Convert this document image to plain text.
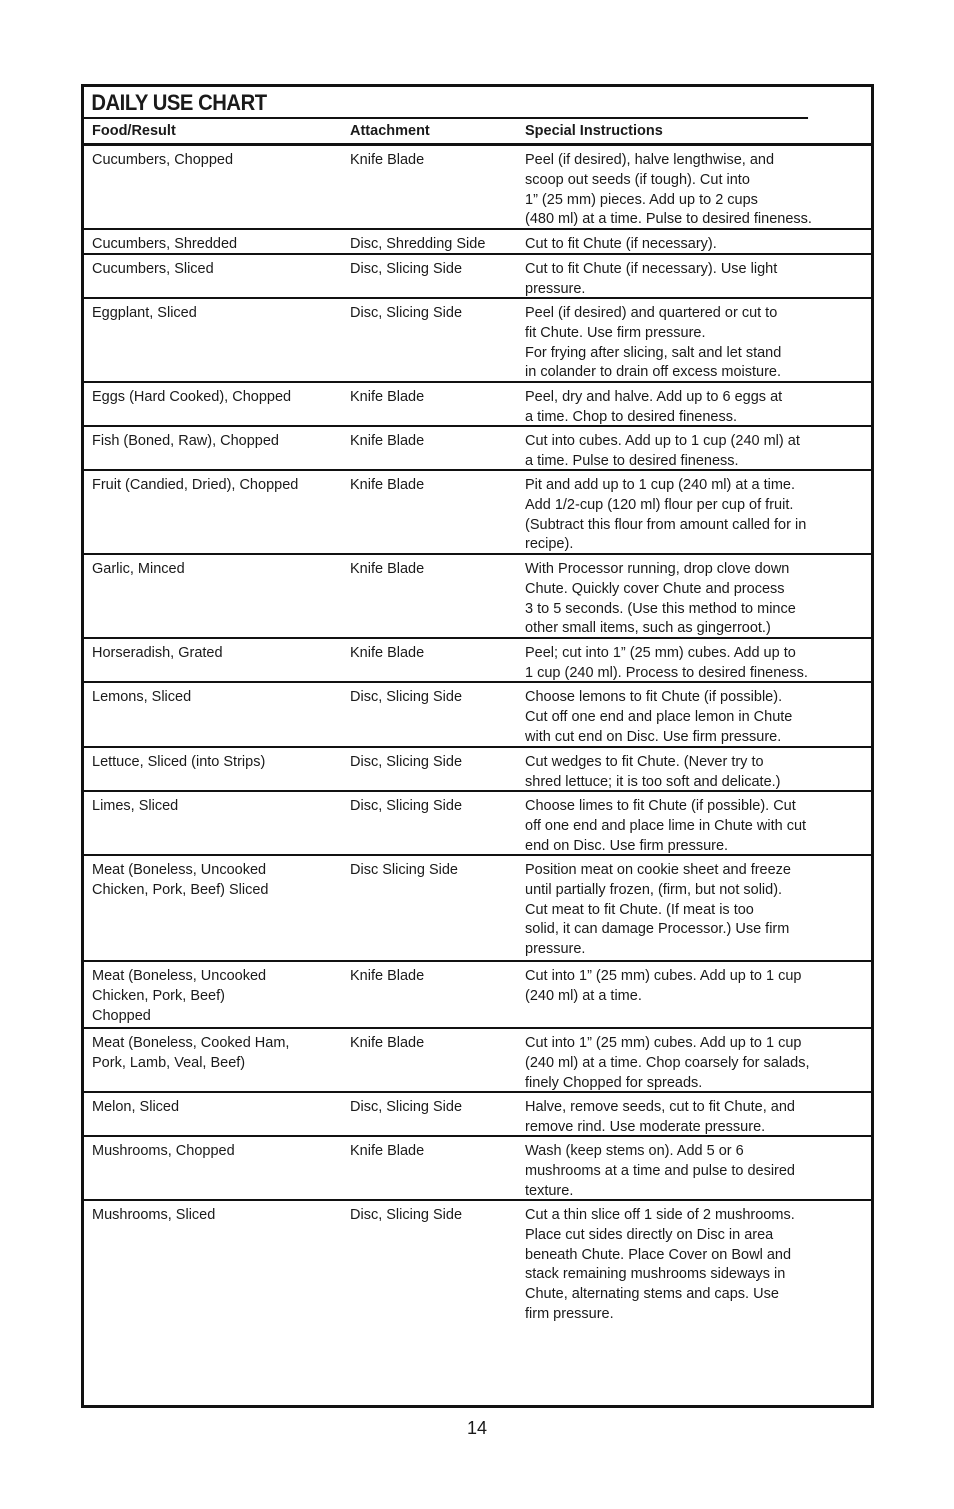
DAILY USE CHART
Food/Result	Attachment	Special Instructions
Cucumbers, Chopped	Knife Blade	Peel (if desired), halve lengthwise, and
scoop out seeds (if tough). Cut into
1” (25 mm) pieces. Add up to 2 cups
(480 ml) at a time. Pulse to desired fineness.
Cucumbers, Shredded	Disc, Shredding Side	Cut to fit Chute (if necessary).
Cucumbers, Sliced	Disc, Slicing Side	Cut to fit Chute (if necessary). Use light
pressure.
Eggplant, Sliced	Disc, Slicing Side	Peel (if desired) and quartered or cut to
fit Chute. Use firm pressure.
For frying after slicing, salt and let stand
in colander to drain off excess moisture.
Eggs (Hard Cooked), Chopped	Knife Blade	Peel, dry and halve. Add up to 6 eggs at
a time. Chop to desired fineness.
Fish (Boned, Raw), Chopped	Knife Blade	Cut into cubes. Add up to 1 cup (240 ml) at
a time. Pulse to desired fineness.
Fruit (Candied, Dried), Chopped	Knife Blade	Pit and add up to 1 cup (240 ml) at a time.
Add 1/2-cup (120 ml) flour per cup of fruit.
(Subtract this flour from amount called for in
recipe).
Garlic, Minced	Knife Blade	With Processor running, drop clove down
Chute. Quickly cover Chute and process
3 to 5 seconds. (Use this method to mince
other small items, such as gingerroot.)
Horseradish, Grated	Knife Blade	Peel; cut into 1” (25 mm) cubes. Add up to
1 cup (240 ml). Process to desired fineness.
Lemons, Sliced	Disc, Slicing Side	Choose lemons to fit Chute (if possible).
Cut off one end and place lemon in Chute
with cut end on Disc. Use firm pressure.
Lettuce, Sliced (into Strips)	Disc, Slicing Side	Cut wedges to fit Chute. (Never try to
shred lettuce; it is too soft and delicate.)
Limes, Sliced	Disc, Slicing Side	Choose limes to fit Chute (if possible). Cut
off one end and place lime in Chute with cut
end on Disc. Use firm pressure.
Meat (Boneless, Uncooked
Chicken, Pork, Beef) Sliced
Disc Slicing Side	Position meat on cookie sheet and freeze
until partially frozen, (firm, but not solid).
Cut meat to fit Chute. (If meat is too
solid, it can damage Processor.) Use firm
pressure.
Meat (Boneless, Uncooked
Chicken, Pork, Beef)
Chopped
Knife Blade	Cut into 1” (25 mm) cubes. Add up to 1 cup
(240 ml) at a time.
Meat (Boneless, Cooked Ham,
Pork, Lamb, Veal, Beef)
Knife Blade	Cut into 1” (25 mm) cubes. Add up to 1 cup
(240 ml) at a time. Chop coarsely for salads,
finely Chopped for spreads.
Melon, Sliced	Disc, Slicing Side	Halve, remove seeds, cut to fit Chute, and
remove rind. Use moderate pressure.
Mushrooms, Chopped	Knife Blade	Wash (keep stems on). Add 5 or 6
mushrooms at a time and pulse to desired
texture.
Mushrooms, Sliced	Disc, Slicing Side	Cut a thin slice off 1 side of 2 mushrooms.
Place cut sides directly on Disc in area
beneath Chute. Place Cover on Bowl and
stack remaining mushrooms sideways in
Chute, alternating stems and caps. Use
firm pressure.
14
